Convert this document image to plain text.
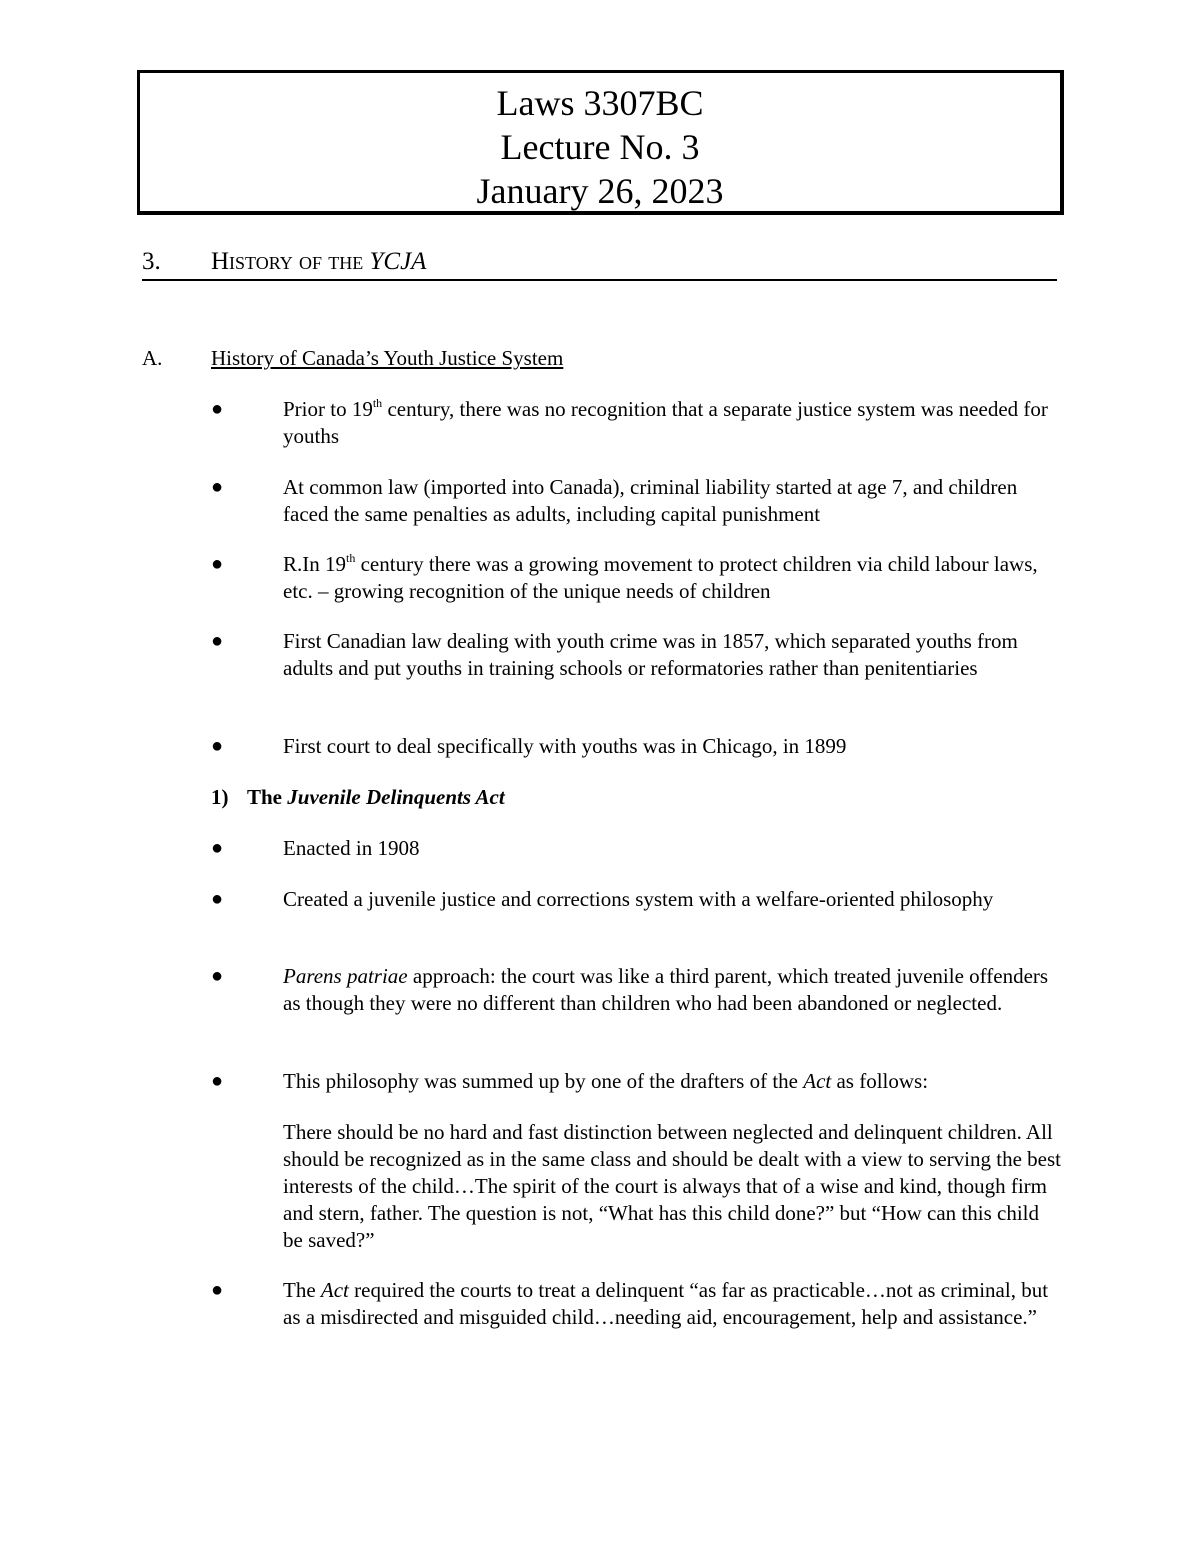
Laws 3307BC
Lecture No. 3
January 26, 2023
3. History of the YCJA
A. History of Canada’s Youth Justice System
●	Prior to 19th century, there was no recognition that a separate justice system was needed for youths
●	At common law (imported into Canada), criminal liability started at age 7, and children faced the same penalties as adults, including capital punishment
●	R.In 19th century there was a growing movement to protect children via child labour laws, etc. – growing recognition of the unique needs of children
●	First Canadian law dealing with youth crime was in 1857, which separated youths from adults and put youths in training schools or reformatories rather than penitentiaries
●	First court to deal specifically with youths was in Chicago, in 1899
1) The Juvenile Delinquents Act
●	Enacted in 1908
●	Created a juvenile justice and corrections system with a welfare-oriented philosophy
●	Parens patriae approach: the court was like a third parent, which treated juvenile offenders as though they were no different than children who had been abandoned or neglected.
●	This philosophy was summed up by one of the drafters of the Act as follows:
There should be no hard and fast distinction between neglected and delinquent children. All should be recognized as in the same class and should be dealt with a view to serving the best interests of the child…The spirit of the court is always that of a wise and kind, though firm and stern, father. The question is not, “What has this child done?” but “How can this child be saved?”
●	The Act required the courts to treat a delinquent “as far as practicable…not as criminal, but as a misdirected and misguided child…needing aid, encouragement, help and assistance.”
